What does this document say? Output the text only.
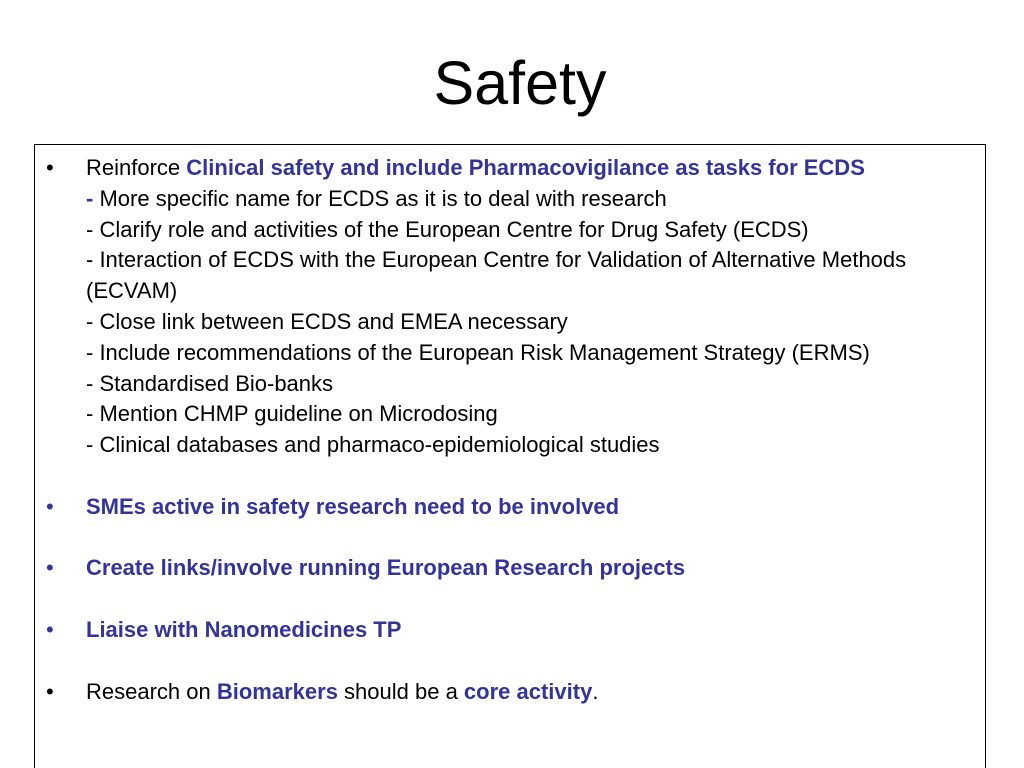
Safety
• Reinforce Clinical safety and include Pharmacovigilance as tasks for ECDS
- More specific name for ECDS as it is to deal with research
- Clarify role and activities of the European Centre for Drug Safety (ECDS)
- Interaction of ECDS with the European Centre for Validation of Alternative Methods (ECVAM)
- Close link between ECDS and EMEA necessary
- Include recommendations of the European Risk Management Strategy (ERMS)
- Standardised Bio-banks
- Mention CHMP guideline on Microdosing
- Clinical databases and pharmaco-epidemiological studies
• SMEs active in safety research need to be involved
• Create links/involve running European Research projects
• Liaise with Nanomedicines TP
• Research on Biomarkers should be a core activity.
